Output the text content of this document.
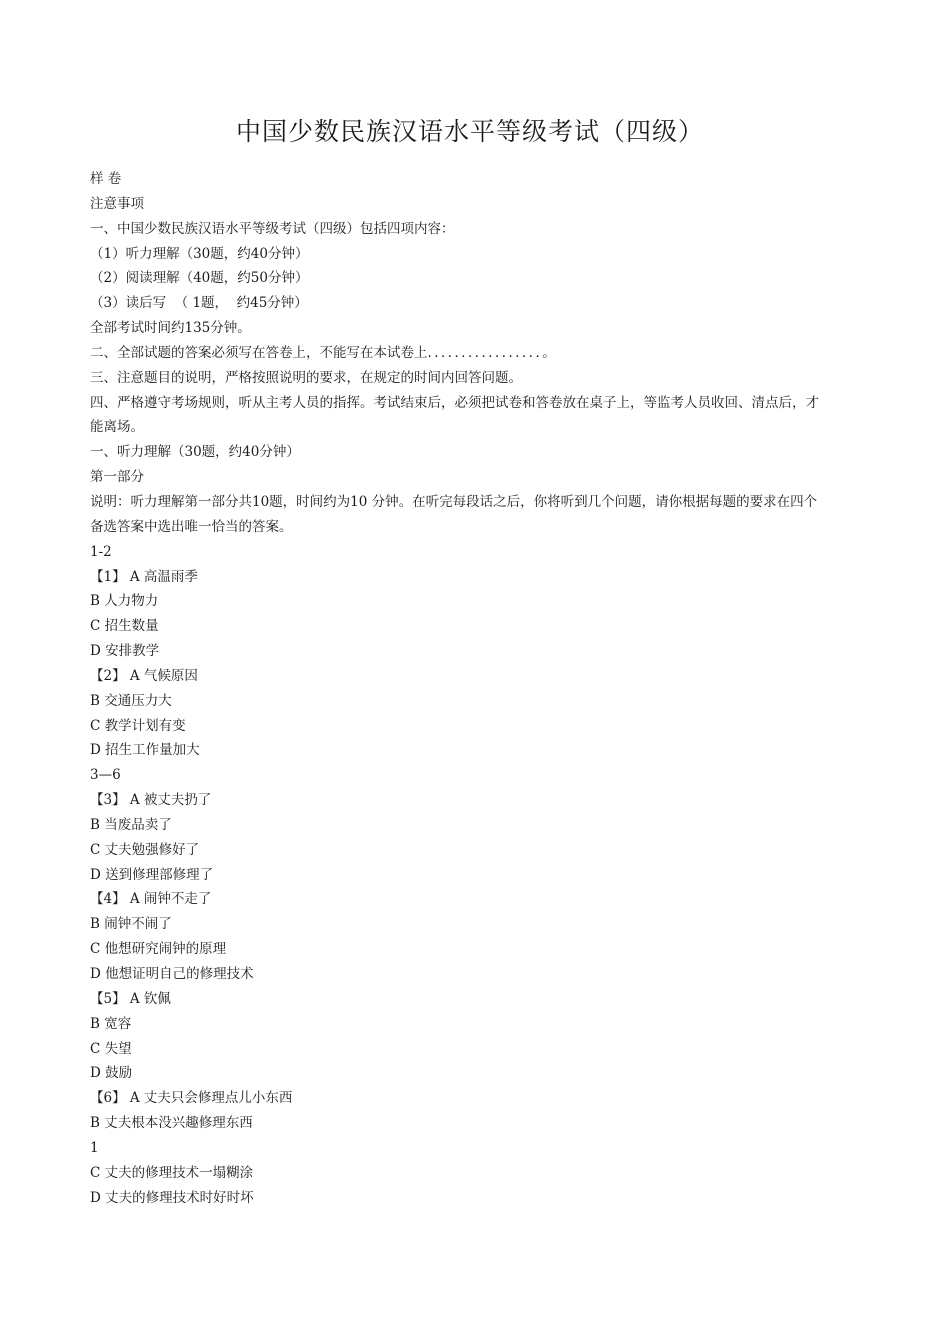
中国少数民族汉语水平等级考试（四级）

样 卷

注意事项

一、中国少数民族汉语水平等级考试（四级）包括四项内容：

（1）听力理解（30题，约40分钟）

（2）阅读理解（40题，约50分钟）

（3）读后写  （ 1题，  约45分钟）

全部考试时间约135分钟。

二、全部试题的答案必须写在答卷上，不能写在本试卷上．．．．．．．．．．．．．．．．．。

三、注意题目的说明，严格按照说明的要求，在规定的时间内回答问题。

四、严格遵守考场规则，听从主考人员的指挥。考试结束后，必须把试卷和答卷放在桌子上，等监考人员收回、清点后，才

能离场。

一、听力理解（30题，约40分钟）

第一部分

说明：听力理解第一部分共10题，时间约为10 分钟。在听完每段话之后，你将听到几个问题，请你根据每题的要求在四个

备选答案中选出唯一恰当的答案。

1-2

【1】 A 高温雨季

B 人力物力

C 招生数量

D 安排教学

【2】 A 气候原因

B 交通压力大

C 教学计划有变

D 招生工作量加大

3—6

【3】 A 被丈夫扔了

B 当废品卖了

C 丈夫勉强修好了

D 送到修理部修理了

【4】 A 闹钟不走了

B 闹钟不闹了

C 他想研究闹钟的原理

D 他想证明自己的修理技术

【5】 A 钦佩

B 宽容

C 失望

D 鼓励

【6】 A 丈夫只会修理点儿小东西

B 丈夫根本没兴趣修理东西

1

C 丈夫的修理技术一塌糊涂

D 丈夫的修理技术时好时坏
